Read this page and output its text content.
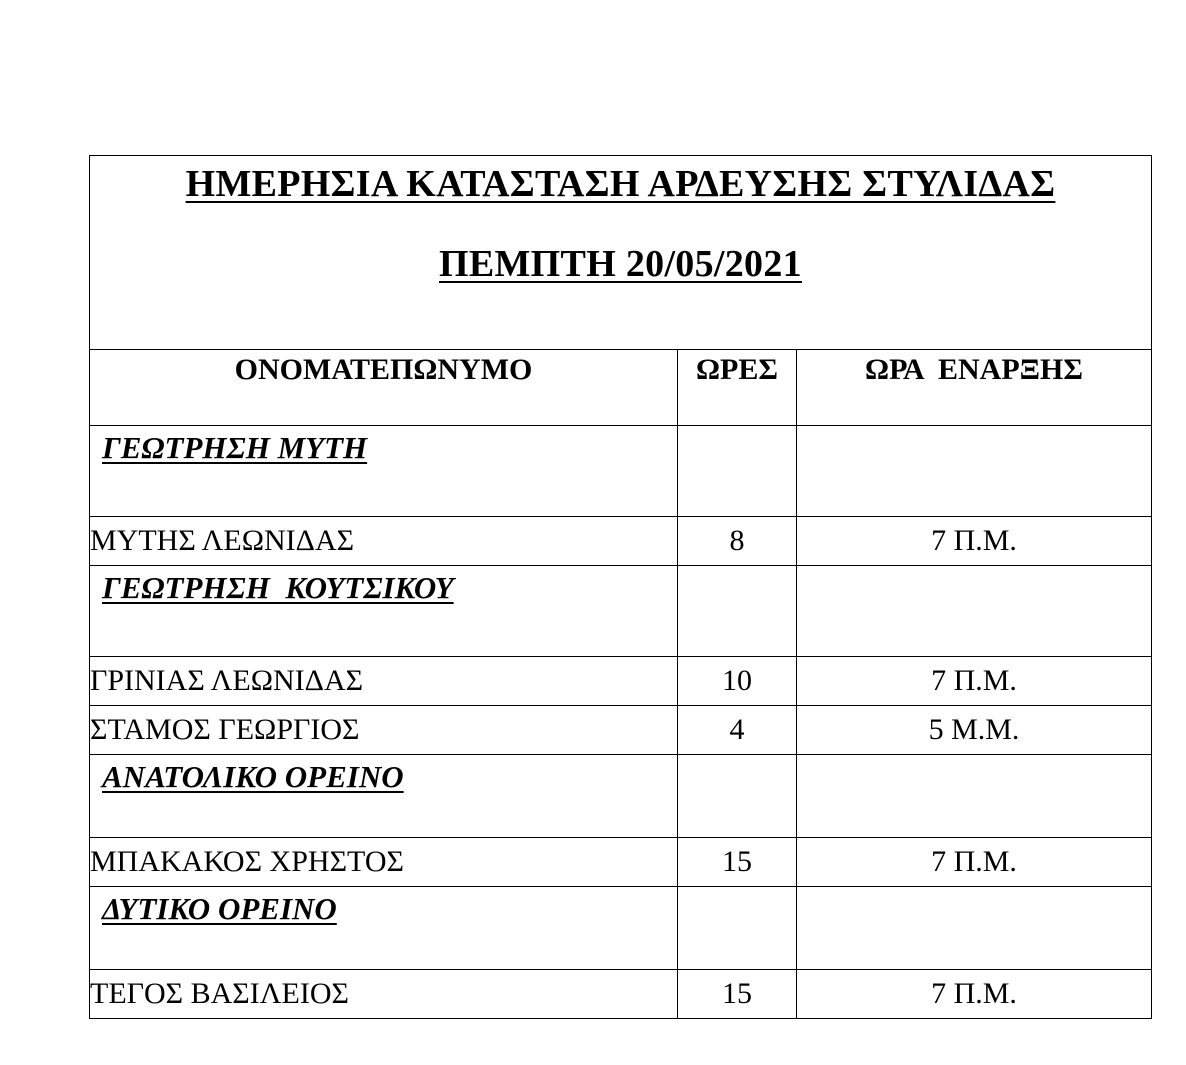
ΗΜΕΡΗΣΙΑ ΚΑΤΑΣΤΑΣΗ ΑΡΔΕΥΣΗΣ ΣΤΥΛΙΔΑΣ
ΠΕΜΠΤΗ 20/05/2021		

ΟΝΟΜΑΤΕΠΩΝΥΜΟ	ΩΡΕΣ	ΩΡΑ  ΕΝΑΡΞΗΣ

ΓΕΩΤΡΗΣΗ ΜΥΤΗ		
ΜΥΤΗΣ ΛΕΩΝΙΔΑΣ	8	7 Π.Μ.
ΓΕΩΤΡΗΣΗ  ΚΟΥΤΣΙΚΟΥ		
ΓΡΙΝΙΑΣ ΛΕΩΝΙΔΑΣ	10	7 Π.Μ.
ΣΤΑΜΟΣ ΓΕΩΡΓΙΟΣ	4	5 Μ.Μ.
ΑΝΑΤΟΛΙΚΟ ΟΡΕΙΝΟ		
ΜΠΑΚΑΚΟΣ ΧΡΗΣΤΟΣ	15	7 Π.Μ.
ΔΥΤΙΚΟ ΟΡΕΙΝΟ		
ΤΕΓΟΣ ΒΑΣΙΛΕΙΟΣ	15	7 Π.Μ.
